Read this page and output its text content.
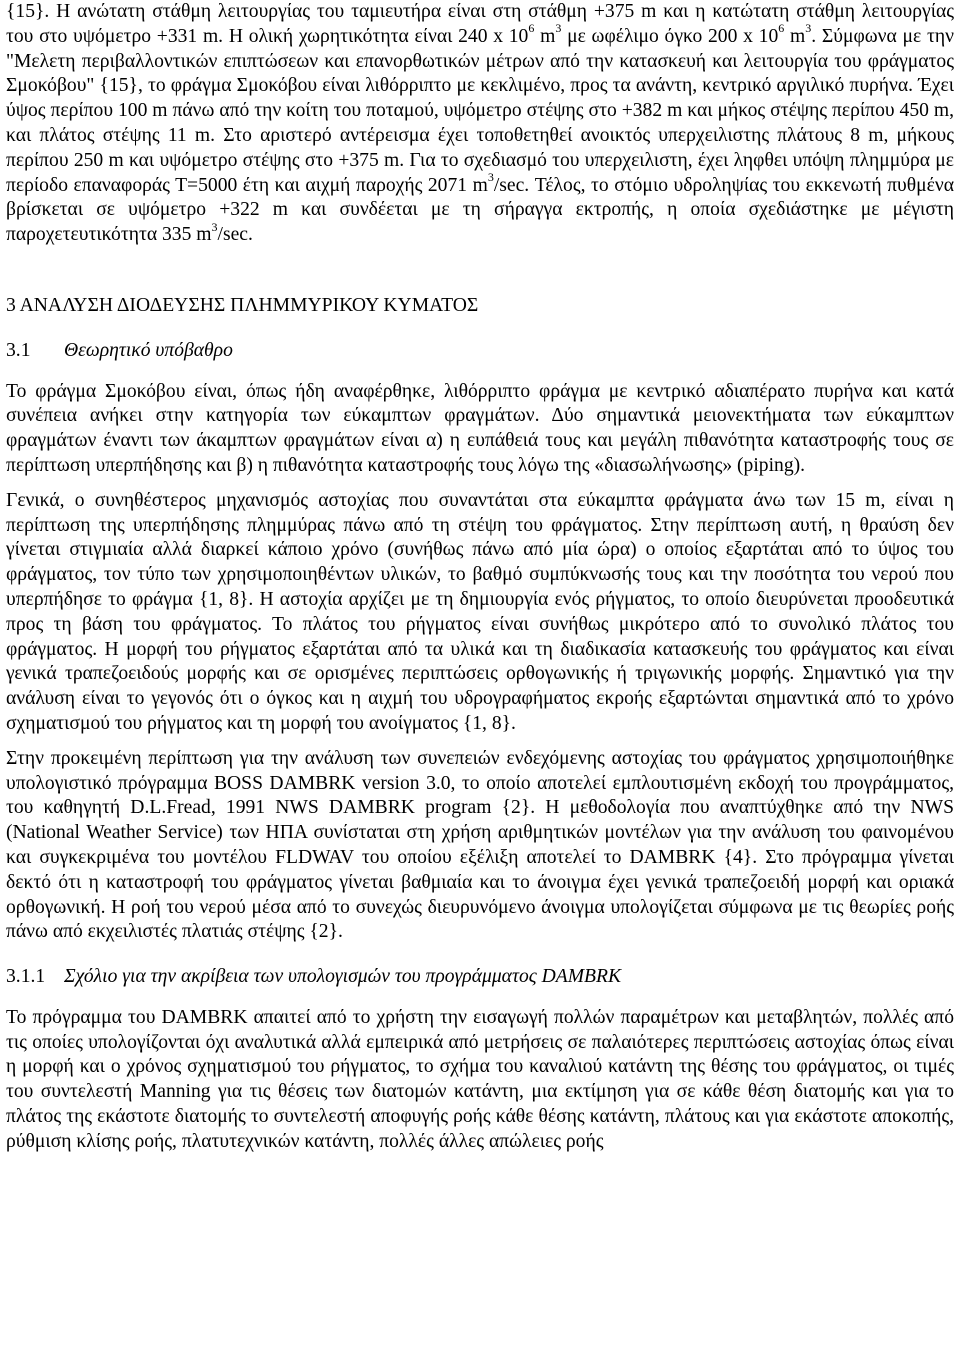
{15}. Η ανώτατη στάθμη λειτουργίας του ταμιευτήρα είναι στη στάθμη +375 m και η κατώτατη στάθμη λειτουργίας του στο υψόμετρο +331 m. Η ολική χωρητικότητα είναι 240 x $10^6$ $m^3$ με ωφέλιμο όγκο 200 x $10^6$ $m^3$. Σύμφωνα με την "Μελετη περιβαλλοντικών επιπτώσεων και επανορθωτικών μέτρων από την κατασκευή και λειτουργία του φράγματος Σμοκόβου" {15}, το φράγμα Σμοκόβου είναι λιθόρριπτο με κεκλιμένο, προς τα ανάντη, κεντρικό αργιλικό πυρήνα. Έχει ύψος περίπου 100 m πάνω από την κοίτη του ποταμού, υψόμετρο στέψης στο +382 m και μήκος στέψης περίπου 450 m, και πλάτος στέψης 11 m. Στο αριστερό αντέρεισμα έχει τοποθετηθεί ανοικτός υπερχειλιστης πλάτους 8 m, μήκους περίπου 250 m και υψόμετρο στέψης στο +375 m. Για το σχεδιασμό του υπερχειλιστη, έχει ληφθει υπόψη πλημμύρα με περίοδο επαναφοράς Τ=5000 έτη και αιχμή παροχής 2071 $m^3/\sec$. Τέλος, το στόμιο υδροληψίας του εκκενωτή πυθμένα βρίσκεται σε υψόμετρο +322 m και συνδέεται με τη σήραγγα εκτροπής, η οποία σχεδιάστηκε με μέγιστη παροχετευτικότητα 335 $m^3/\sec$.

3 ΑΝΑΛΥΣΗ ΔΙΟΔΕΥΣΗΣ ΠΛΗΜΜΥΡΙΚΟΥ ΚΥΜΑΤΟΣ

3.1 Θεωρητικό υπόβαθρο

Το φράγμα Σμοκόβου είναι, όπως ήδη αναφέρθηκε, λιθόρριπτο φράγμα με κεντρικό αδιαπέρατο πυρήνα και κατά συνέπεια ανήκει στην κατηγορία των εύκαμπτων φραγμάτων. Δύο σημαντικά μειονεκτήματα των εύκαμπτων φραγμάτων έναντι των άκαμπτων φραγμάτων είναι α) η ευπάθειά τους και μεγάλη πιθανότητα καταστροφής τους σε περίπτωση υπερπήδησης και β) η πιθανότητα καταστροφής τους λόγω της «διασωλήνωσης» (piping).

Γενικά, ο συνηθέστερος μηχανισμός αστοχίας που συναντάται στα εύκαμπτα φράγματα άνω των 15 m, είναι η περίπτωση της υπερπήδησης πλημμύρας πάνω από τη στέψη του φράγματος. Στην περίπτωση αυτή, η θραύση δεν γίνεται στιγμιαία αλλά διαρκεί κάποιο χρόνο (συνήθως πάνω από μία ώρα) ο οποίος εξαρτάται από το ύψος του φράγματος, τον τύπο των χρησιμοποιηθέντων υλικών, το βαθμό συμπύκνωσής τους και την ποσότητα του νερού που υπερπήδησε το φράγμα {1, 8}. Η αστοχία αρχίζει με τη δημιουργία ενός ρήγματος, το οποίο διευρύνεται προοδευτικά προς τη βάση του φράγματος. Το πλάτος του ρήγματος είναι συνήθως μικρότερο από το συνολικό πλάτος του φράγματος. Η μορφή του ρήγματος εξαρτάται από τα υλικά και τη διαδικασία κατασκευής του φράγματος και είναι γενικά τραπεζοειδούς μορφής και σε ορισμένες περιπτώσεις ορθογωνικής ή τριγωνικής μορφής. Σημαντικό για την ανάλυση είναι το γεγονός ότι ο όγκος και η αιχμή του υδρογραφήματος εκροής εξαρτώνται σημαντικά από το χρόνο σχηματισμού του ρήγματος και τη μορφή του ανοίγματος {1, 8}.

Στην προκειμένη περίπτωση για την ανάλυση των συνεπειών ενδεχόμενης αστοχίας του φράγματος χρησιμοποιήθηκε υπολογιστικό πρόγραμμα BOSS DAMBRK version 3.0, το οποίο αποτελεί εμπλουτισμένη εκδοχή του προγράμματος, του καθηγητή D.L.Fread, 1991 NWS DAMBRK program {2}. Η μεθοδολογία που αναπτύχθηκε από την NWS (National Weather Service) των ΗΠΑ συνίσταται στη χρήση αριθμητικών μοντέλων για την ανάλυση του φαινομένου και συγκεκριμένα του μοντέλου FLDWAV του οποίου εξέλιξη αποτελεί το DAMBRK {4}. Στο πρόγραμμα γίνεται δεκτό ότι η καταστροφή του φράγματος γίνεται βαθμιαία και το άνοιγμα έχει γενικά τραπεζοειδή μορφή και οριακά ορθογωνική. Η ροή του νερού μέσα από το συνεχώς διευρυνόμενο άνοιγμα υπολογίζεται σύμφωνα με τις θεωρίες ροής πάνω από εκχειλιστές πλατιάς στέψης {2}.

3.1.1 Σχόλιο για την ακρίβεια των υπολογισμών του προγράμματος DAMBRK

Το πρόγραμμα του DAMBRK απαιτεί από το χρήστη την εισαγωγή πολλών παραμέτρων και μεταβλητών, πολλές από τις οποίες υπολογίζονται όχι αναλυτικά αλλά εμπειρικά από μετρήσεις σε παλαιότερες περιπτώσεις αστοχίας όπως είναι η μορφή και ο χρόνος σχηματισμού του ρήγματος, το σχήμα του καναλιού κατάντη της θέσης του φράγματος, οι τιμές του συντελεστή Manning για τις θέσεις των διατομών κατάντη, μια εκτίμηση για σε κάθε θέση διατομής και για το πλάτος της εκάστοτε διατομής το συντελεστή αποφυγής ροής κάθε θέσης κατάντη, πλάτους και για εκάστοτε αποκοπής, ρύθμιση κλίσης ροής, πλατυτεχνικών κατάντη, πολλές άλλες απώλειες ροής
